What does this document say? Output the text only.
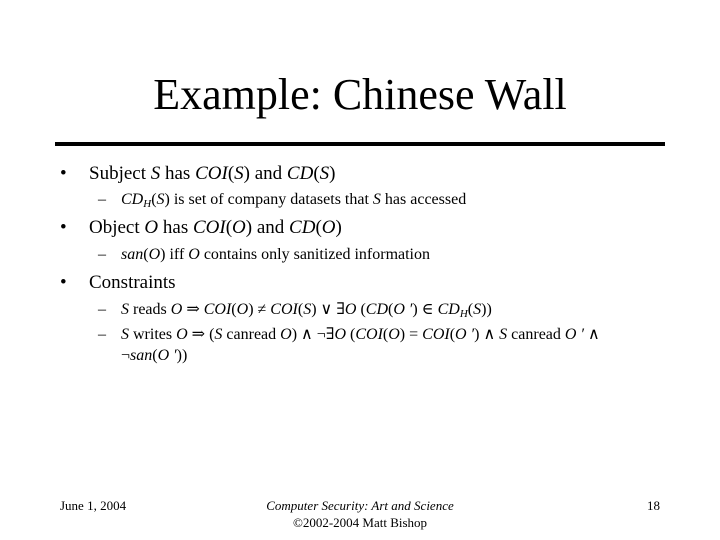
Example: Chinese Wall
• Subject S has COI(S) and CD(S)
– CDH(S) is set of company datasets that S has accessed
• Object O has COI(O) and CD(O)
– san(O) iff O contains only sanitized information
• Constraints
– S reads O ⇒ COI(O) ≠ COI(S) ∨ ∃O (CD(O ′) ∈ CDH(S))
– S writes O ⇒ (S canread O) ∧ ¬∃O (COI(O) = COI(O ′) ∧ S canread O ′ ∧
¬san(O ′))
June 1, 2004	Computer Security: Art and Science
©2002-2004 Matt Bishop
18
